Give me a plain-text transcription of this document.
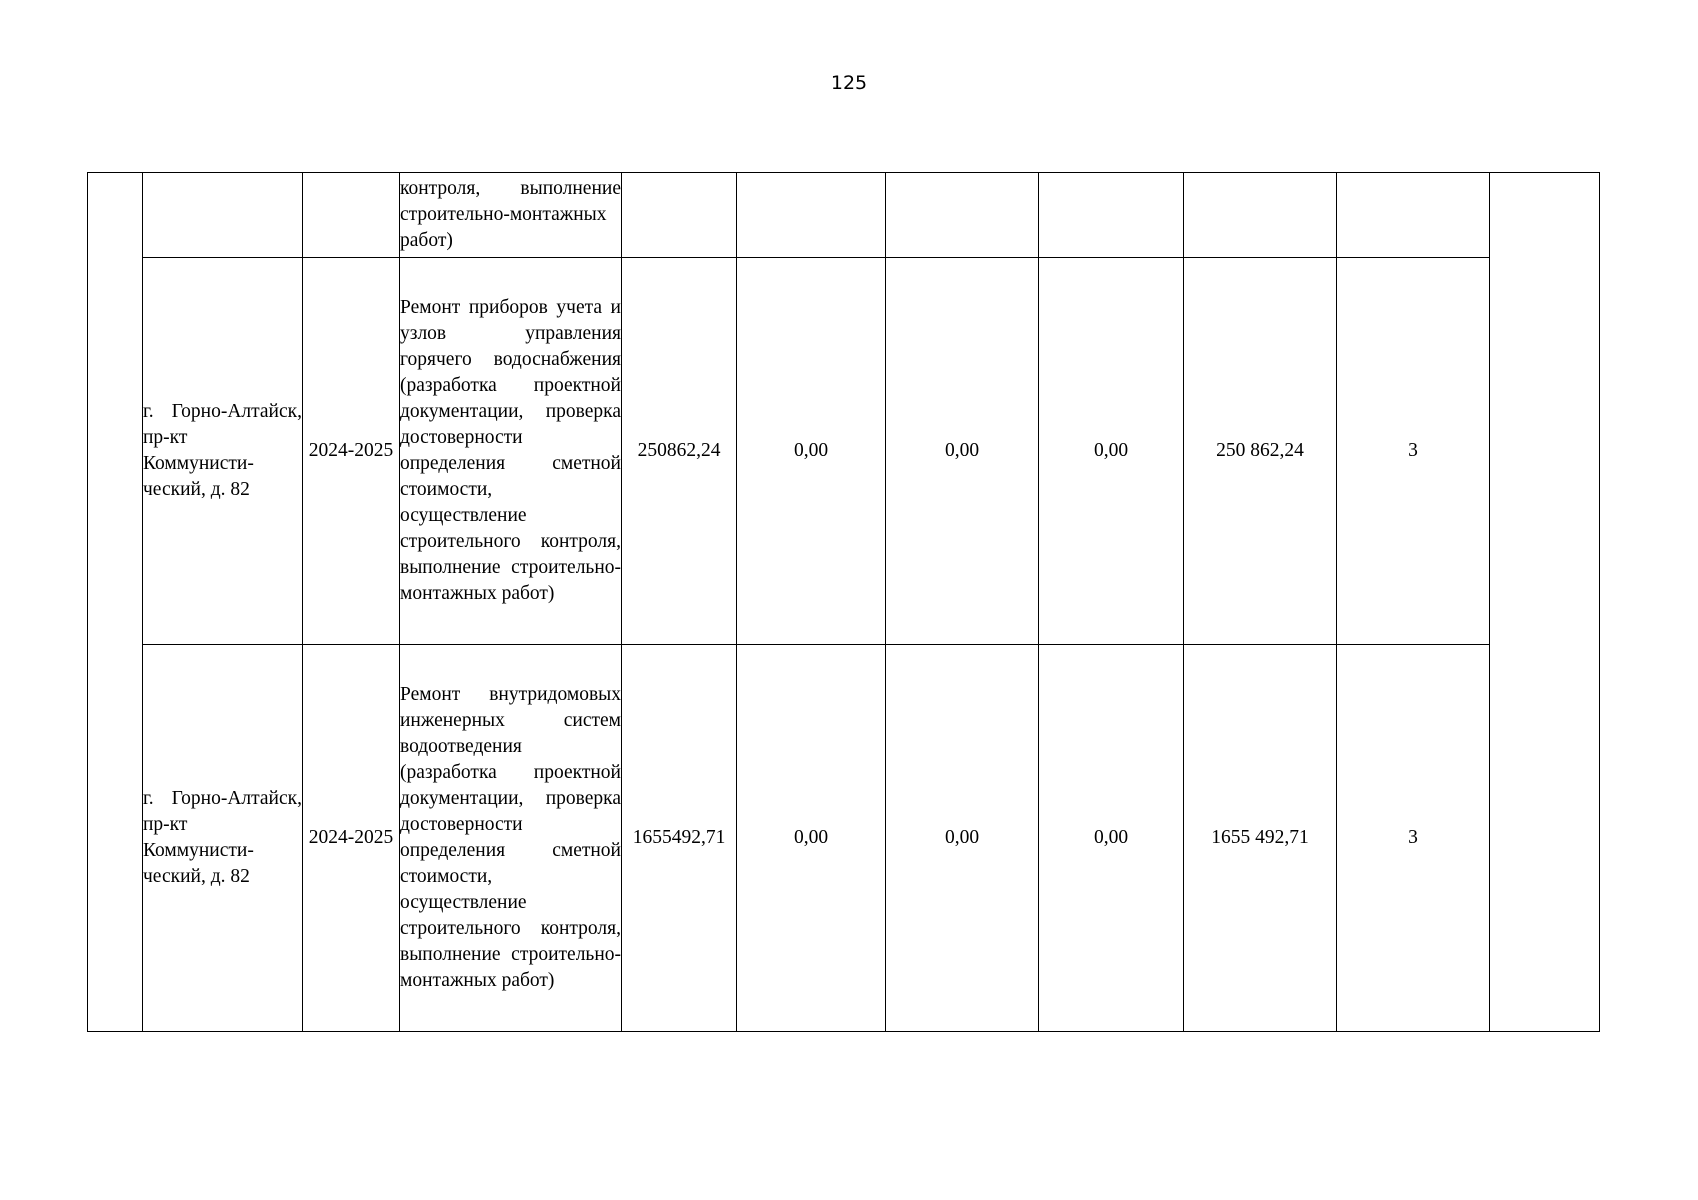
125
			контроля, выполнение строительно-монтажных работ)							
	г. Горно-Алтайск, пр-кт Коммунисти-ческий, д. 82	2024-2025	Ремонт приборов учета и узлов управления горячего водоснабжения (разработка проектной документации, проверка достоверности определения сметной стоимости, осуществление строительного контроля, выполнение строительно-монтажных работ)	250862,24	0,00	0,00	0,00	250 862,24	3	
	г. Горно-Алтайск, пр-кт Коммунисти-ческий, д. 82	2024-2025	Ремонт внутридомовых инженерных систем водоотведения (разработка проектной документации, проверка достоверности определения сметной стоимости, осуществление строительного контроля, выполнение строительно-монтажных работ)	1655492,71	0,00	0,00	0,00	1655 492,71	3	
